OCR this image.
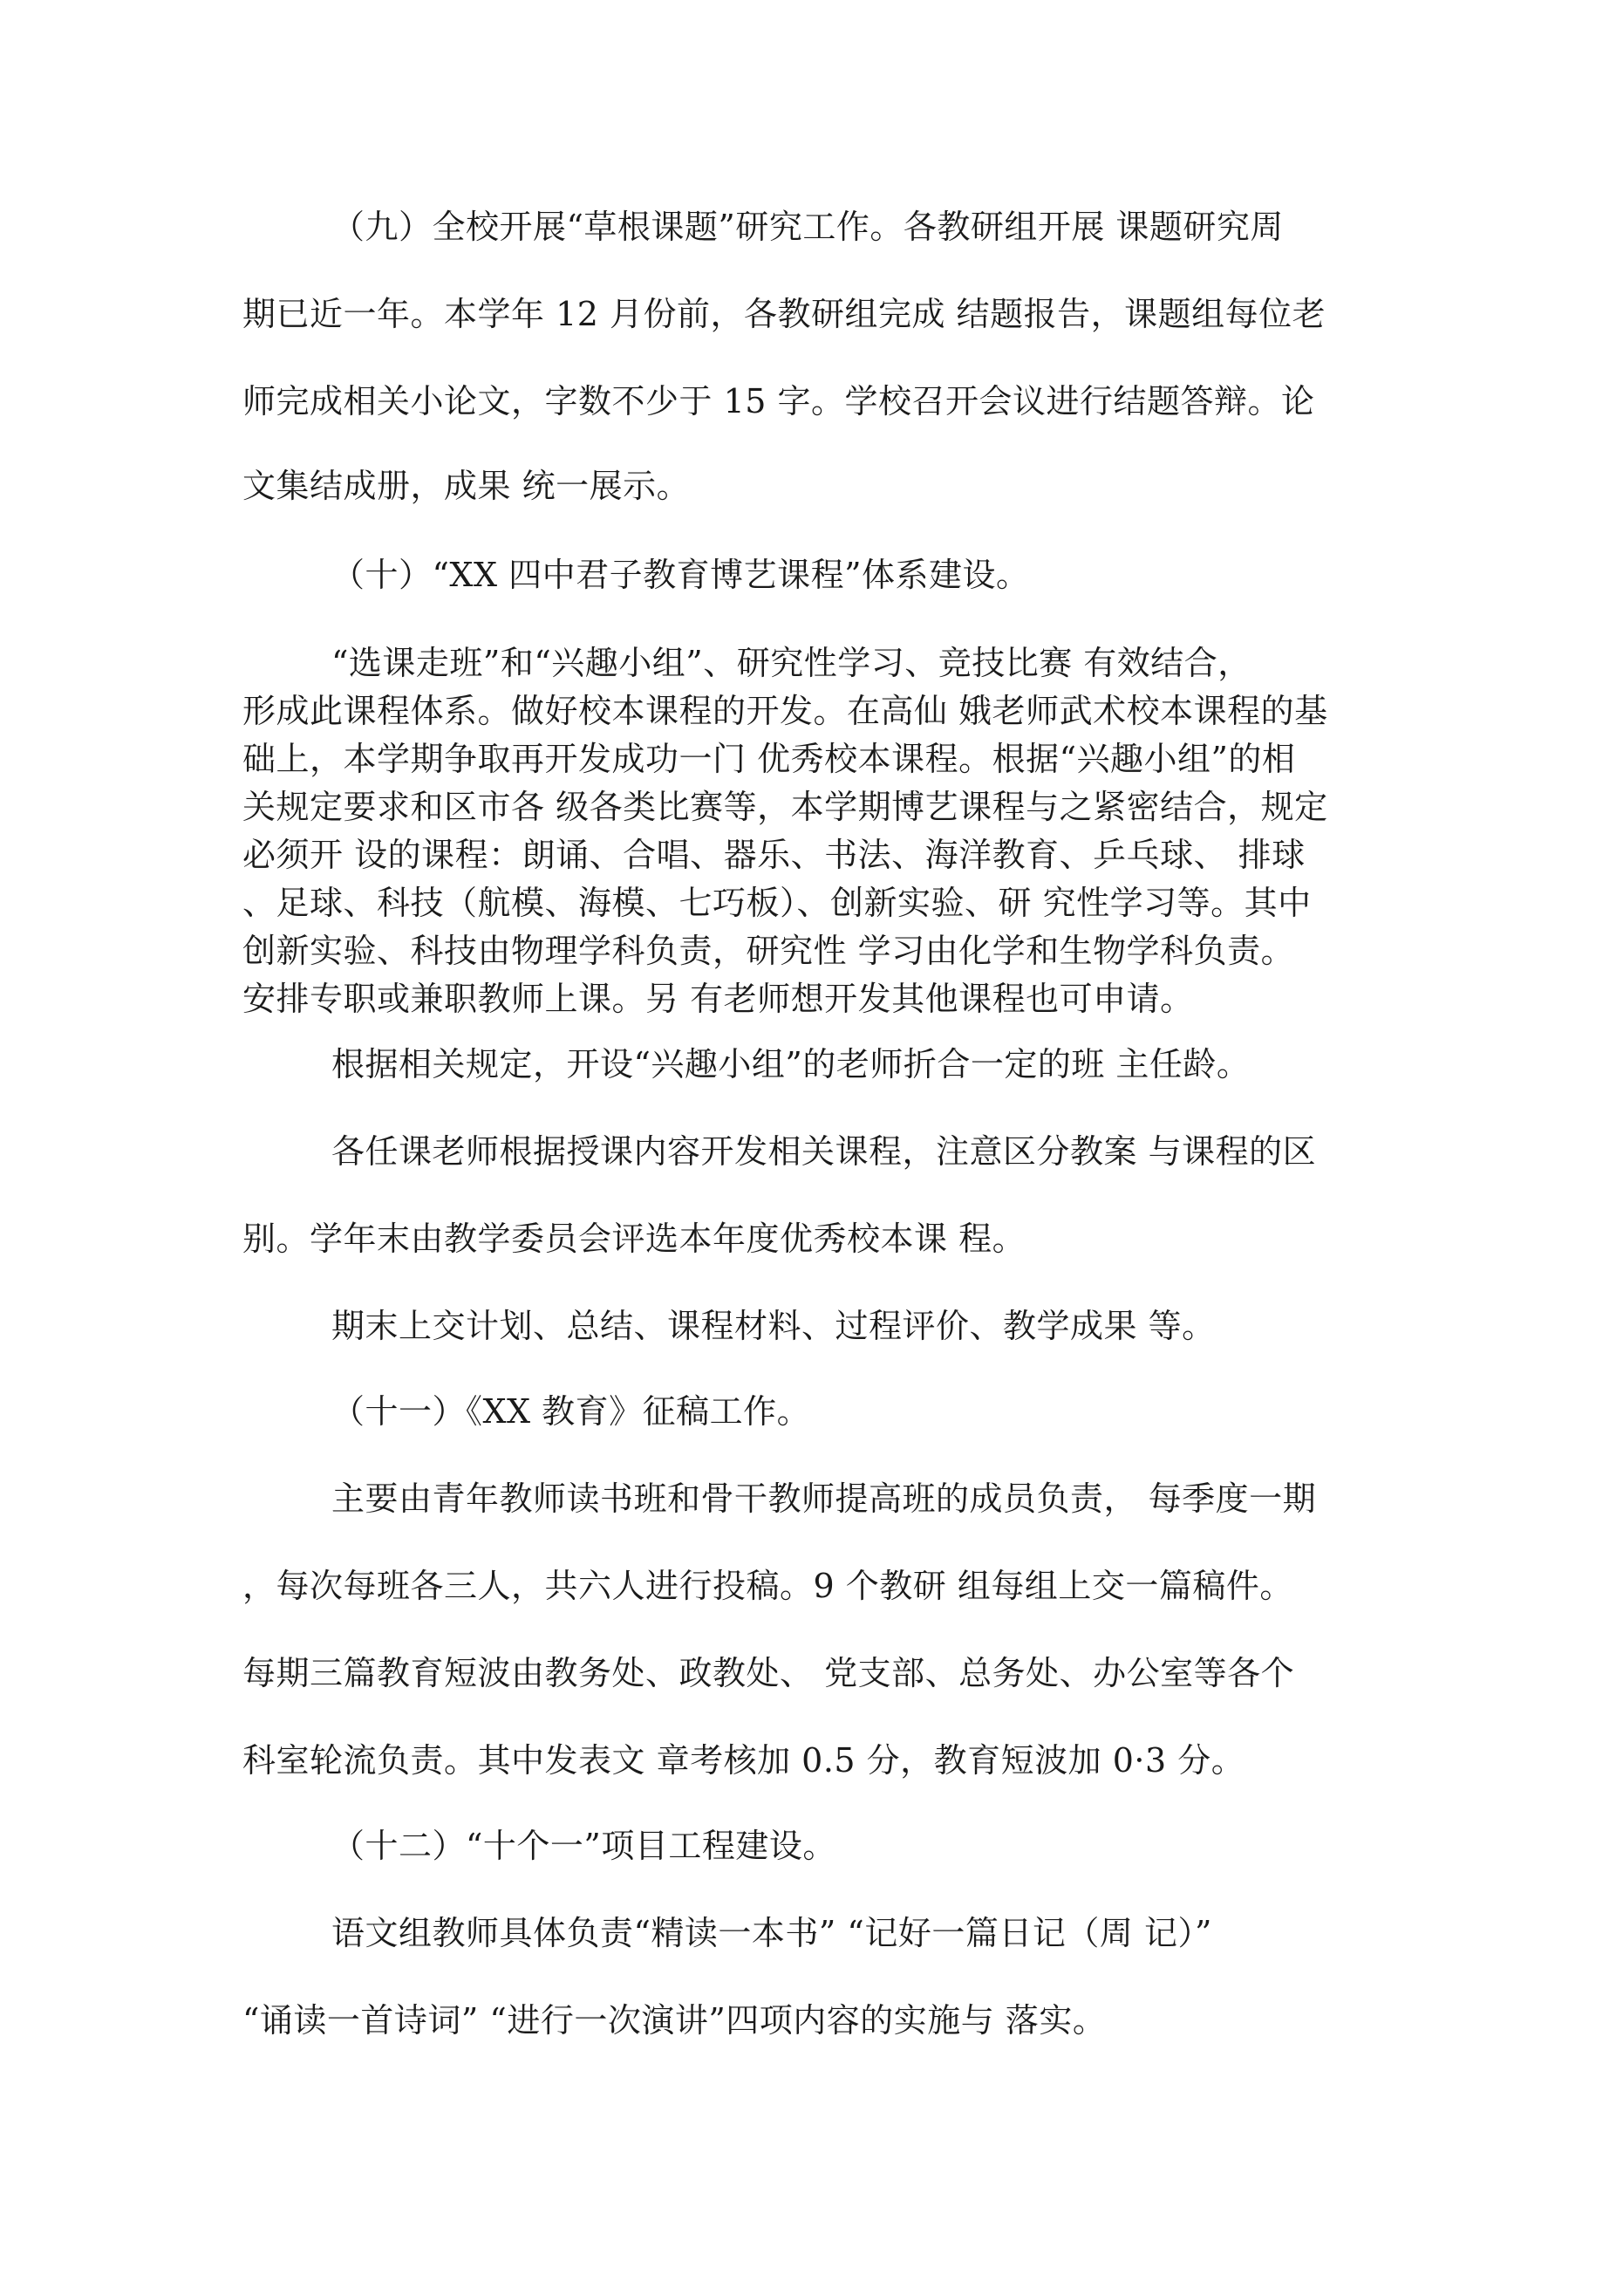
（九）全校开展“草根课题”研究工作。各教研组开展 课题研究周
期已近一年。本学年 12 月份前，各教研组完成 结题报告，课题组每位老
师完成相关小论文，字数不少于 15 字。学校召开会议进行结题答辩。论
文集结成册，成果 统一展示。
（十）“XX 四中君子教育博艺课程”体系建设。
“选课走班”和“兴趣小组”、研究性学习、竞技比赛 有效结合，
形成此课程体系。做好校本课程的开发。在高仙 娥老师武术校本课程的基
础上，本学期争取再开发成功一门 优秀校本课程。根据“兴趣小组”的相
关规定要求和区市各 级各类比赛等，本学期博艺课程与之紧密结合，规定
必须开 设的课程：朗诵、合唱、器乐、书法、海洋教育、乒乓球、 排球
、足球、科技（航模、海模、七巧板）、创新实验、研 究性学习等。其中
创新实验、科技由物理学科负责，研究性 学习由化学和生物学科负责。
安排专职或兼职教师上课。另 有老师想开发其他课程也可申请。
根据相关规定，开设“兴趣小组”的老师折合一定的班 主任龄。
各任课老师根据授课内容开发相关课程，注意区分教案 与课程的区
别。学年末由教学委员会评选本年度优秀校本课 程。
期末上交计划、总结、课程材料、过程评价、教学成果 等。
（十一）《XX 教育》征稿工作。
主要由青年教师读书班和骨干教师提高班的成员负责， 每季度一期
，每次每班各三人，共六人进行投稿。9 个教研 组每组上交一篇稿件。
每期三篇教育短波由教务处、政教处、 党支部、总务处、办公室等各个
科室轮流负责。其中发表文 章考核加 0.5 分，教育短波加 0·3 分。
（十二）“十个一”项目工程建设。
语文组教师具体负责“精读一本书” “记好一篇日记（周 记）”
“诵读一首诗词” “进行一次演讲”四项内容的实施与 落实。
